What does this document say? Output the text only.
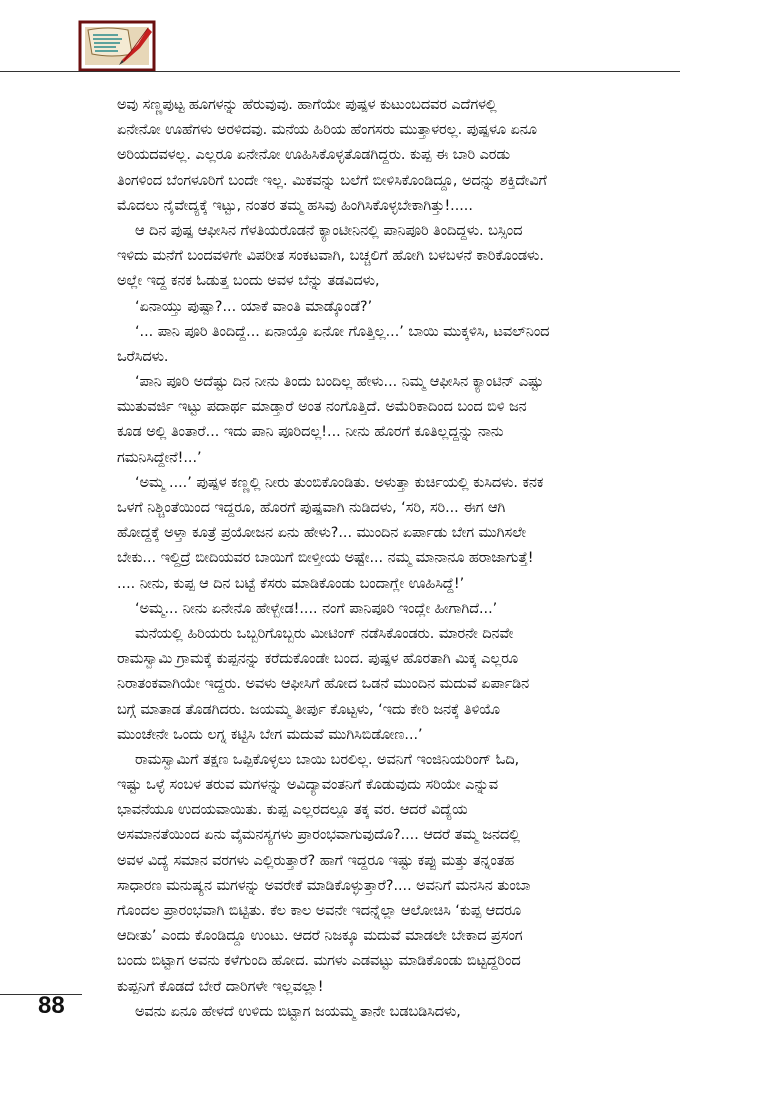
ಅವು ಸಣ್ಣಪುಟ್ಟ ಹೂಗಳನ್ನು ಹೆರುವುವು. ಹಾಗೆಯೇ ಪುಷ್ಪಳ ಕುಟುಂಬದವರ ಎದೆಗಳಲ್ಲಿ
ಏನೇನೋ ಊಹೆಗಳು ಅರಳಿದವು. ಮನೆಯ ಹಿರಿಯ ಹೆಂಗಸರು ಮುತ್ತಾಳರಲ್ಲ. ಪುಷ್ಪಳೂ ಏನೂ
ಅರಿಯದವಳಲ್ಲ. ಎಲ್ಲರೂ ಏನೇನೋ ಊಹಿಸಿಕೊಳ್ಳತೊಡಗಿದ್ದರು. ಕುಪ್ಪ ಈ ಬಾರಿ ಎರಡು
ತಿಂಗಳಿಂದ ಬೆಂಗಳೂರಿಗೆ ಬಂದೇ ಇಲ್ಲ. ಮಿಕವನ್ನು ಬಲೆಗೆ ಬೀಳಿಸಿಕೊಂಡಿದ್ದೂ, ಅದನ್ನು ಶಕ್ತಿದೇವಿಗೆ
ಮೊದಲು ನೈವೇದ್ಯಕ್ಕೆ ಇಟ್ಟು, ನಂತರ ತಮ್ಮ ಹಸಿವು ಹಿಂಗಿಸಿಕೊಳ್ಳಬೇಕಾಗಿತ್ತು!.....
ಆ ದಿನ ಪುಷ್ಪ ಆಫೀಸಿನ ಗೆಳತಿಯರೊಡನೆ ಕ್ಯಾಂಟೀನಿನಲ್ಲಿ ಪಾನಿಪೂರಿ ತಿಂದಿದ್ದಳು. ಬಸ್ಸಿಂದ
ಇಳಿದು ಮನೆಗೆ ಬಂದವಳಿಗೇ ವಿಪರೀತ ಸಂಕಟವಾಗಿ, ಬಚ್ಚಲಿಗೆ ಹೋಗಿ ಬಳಬಳನೆ ಕಾರಿಕೊಂಡಳು.
ಅಲ್ಲೇ ಇದ್ದ ಕನಕ ಓಡುತ್ತ ಬಂದು ಅವಳ ಬೆನ್ನು ತಡವಿದಳು,
‘ಏನಾಯ್ತು ಪುಷ್ಪಾ?... ಯಾಕೆ ವಾಂತಿ ಮಾಡ್ಕೊಂಡೆ?’
‘... ಪಾನಿ ಪೂರಿ ತಿಂದಿದ್ದೆ... ಏನಾಯ್ತೊ ಏನೋ ಗೊತ್ತಿಲ್ಲ...’ ಬಾಯಿ ಮುಕ್ಕಳಿಸಿ, ಟವಲ್‌ನಿಂದ
ಒರೆಸಿದಳು.
‘ಪಾನಿ ಪೂರಿ ಅದೆಷ್ಟು ದಿನ ನೀನು ತಿಂದು ಬಂದಿಲ್ಲ ಹೇಳು... ನಿಮ್ಮ ಆಫೀಸಿನ ಕ್ಯಾಂಟಿನ್ ಎಷ್ಟು
ಮುತುವರ್ಜಿ ಇಟ್ಟು ಪದಾರ್ಥ ಮಾಡ್ತಾರೆ ಅಂತ ನಂಗೊತ್ತಿದೆ. ಅಮೆರಿಕಾದಿಂದ ಬಂದ ಬಿಳಿ ಜನ
ಕೂಡ ಅಲ್ಲಿ ತಿಂತಾರೆ... ಇದು ಪಾನಿ ಪೂರಿದಲ್ಲ!... ನೀನು ಹೊರಗೆ ಕೂತಿಲ್ಲದ್ದನ್ನು ನಾನು
ಗಮನಿಸಿದ್ದೇನೆ!...’
‘ಅಮ್ಮ ....’ ಪುಷ್ಪಳ ಕಣ್ಣಲ್ಲಿ ನೀರು ತುಂಬಿಕೊಂಡಿತು. ಅಳುತ್ತಾ ಕುರ್ಚಿಯಲ್ಲಿ ಕುಸಿದಳು. ಕನಕ
ಒಳಗೆ ನಿಶ್ಚಿಂತೆಯಿಂದ ಇದ್ದರೂ, ಹೊರಗೆ ಪುಷ್ಪವಾಗಿ ನುಡಿದಳು, ‘ಸರಿ, ಸರಿ... ಈಗ ಆಗಿ
ಹೋದ್ದಕ್ಕೆ ಅಳ್ತಾ ಕೂತ್ರೆ ಪ್ರಯೋಜನ ಏನು ಹೇಳು?... ಮುಂದಿನ ಏರ್ಪಾಡು ಬೇಗ ಮುಗಿಸಲೇ
ಬೇಕು... ಇಲ್ದಿದ್ರೆ ಬೀದಿಯವರ ಬಾಯಿಗೆ ಬೀಳ್ತೀಯ ಅಷ್ಟೇ... ನಮ್ಮ ಮಾನಾನೂ ಹರಾಜಾಗುತ್ತೆ!
.... ನೀನು, ಕುಪ್ಪ ಆ ದಿನ ಬಟ್ಟೆ ಕೆಸರು ಮಾಡಿಕೊಂಡು ಬಂದಾಗ್ಲೇ ಊಹಿಸಿದ್ದೆ!’
‘ಅಮ್ಮ... ನೀನು ಏನೇನೊ ಹೇಳ್ಬೇಡ!.... ನಂಗೆ ಪಾನಿಪೂರಿ ಇಂದ್ಲೇ ಹೀಗಾಗಿದೆ...’
ಮನೆಯಲ್ಲಿ ಹಿರಿಯರು ಒಬ್ಬರಿಗೊಬ್ಬರು ಮೀಟಿಂಗ್ ನಡೆಸಿಕೊಂಡರು. ಮಾರನೇ ದಿನವೇ
ರಾಮಸ್ವಾಮಿ ಗ್ರಾಮಕ್ಕೆ ಕುಪ್ಪನನ್ನು ಕರೆದುಕೊಂಡೇ ಬಂದ. ಪುಷ್ಪಳ ಹೊರತಾಗಿ ಮಿಕ್ಕ ಎಲ್ಲರೂ
ನಿರಾತಂಕವಾಗಿಯೇ ಇದ್ದರು. ಅವಳು ಆಫೀಸಿಗೆ ಹೋದ ಒಡನೆ ಮುಂದಿನ ಮದುವೆ ಏರ್ಪಾಡಿನ
ಬಗ್ಗೆ ಮಾತಾಡ ತೊಡಗಿದರು. ಜಯಮ್ಮ ತೀರ್ಪು ಕೊಟ್ಟಳು, ‘ಇದು ಕೇರಿ ಜನಕ್ಕೆ ತಿಳಿಯೊ
ಮುಂಚೇನೇ ಒಂದು ಲಗ್ನ ಕಟ್ಟಿಸಿ ಬೇಗ ಮದುವೆ ಮುಗಿಸಿಬಿಡೋಣ...’
ರಾಮಸ್ವಾಮಿಗೆ ತಕ್ಷಣ ಒಪ್ಪಿಕೊಳ್ಳಲು ಬಾಯಿ ಬರಲಿಲ್ಲ. ಅವನಿಗೆ ಇಂಜಿನಿಯರಿಂಗ್ ಓದಿ,
ಇಷ್ಟು ಒಳ್ಳೆ ಸಂಬಳ ತರುವ ಮಗಳನ್ನು ಅವಿದ್ಯಾವಂತನಿಗೆ ಕೊಡುವುದು ಸರಿಯೇ ಎನ್ನುವ
ಭಾವನೆಯೂ ಉದಯವಾಯಿತು. ಕುಪ್ಪ ಎಲ್ಲರದಲ್ಲೂ ತಕ್ಕ ವರ. ಆದರೆ ವಿದ್ಯೆಯ
ಅಸಮಾನತೆಯಿಂದ ಏನು ವೈಮನಸ್ಯಗಳು ಪ್ರಾರಂಭವಾಗುವುದೊ?.... ಆದರೆ ತಮ್ಮ ಜನದಲ್ಲಿ
ಅವಳ ವಿದ್ಯೆ ಸಮಾನ ವರಗಳು ಎಲ್ಲಿರುತ್ತಾರೆ? ಹಾಗೆ ಇದ್ದರೂ ಇಷ್ಟು ಕಪ್ಪು ಮತ್ತು ತನ್ನಂತಹ
ಸಾಧಾರಣ ಮನುಷ್ಯನ ಮಗಳನ್ನು ಅವರೇಕೆ ಮಾಡಿಕೊಳ್ಳುತ್ತಾರೆ?.... ಅವನಿಗೆ ಮನಸಿನ ತುಂಬಾ
ಗೊಂದಲ ಪ್ರಾರಂಭವಾಗಿ ಬಿಟ್ಟಿತು. ಕೆಲ ಕಾಲ ಅವನೇ ಇದನ್ನೆಲ್ಲಾ ಆಲೋಚಿಸಿ ‘ಕುಪ್ಪ ಆದರೂ
ಆದೀತು’ ಎಂದು ಕೊಂಡಿದ್ದೂ ಉಂಟು. ಆದರೆ ನಿಜಕ್ಕೂ ಮದುವೆ ಮಾಡಲೇ ಬೇಕಾದ ಪ್ರಸಂಗ
ಬಂದು ಬಿಟ್ಟಾಗ ಅವನು ಕಳೆಗುಂದಿ ಹೋದ. ಮಗಳು ಎಡವಟ್ಟು ಮಾಡಿಕೊಂಡು ಬಿಟ್ಟದ್ದರಿಂದ
ಕುಪ್ಪನಿಗೆ ಕೊಡದೆ ಬೇರೆ ದಾರಿಗಳೇ ಇಲ್ಲವಲ್ಲಾ!
ಅವನು ಏನೂ ಹೇಳದೆ ಉಳಿದು ಬಿಟ್ಟಾಗ ಜಯಮ್ಮ ತಾನೇ ಬಡಬಡಿಸಿದಳು,
88
